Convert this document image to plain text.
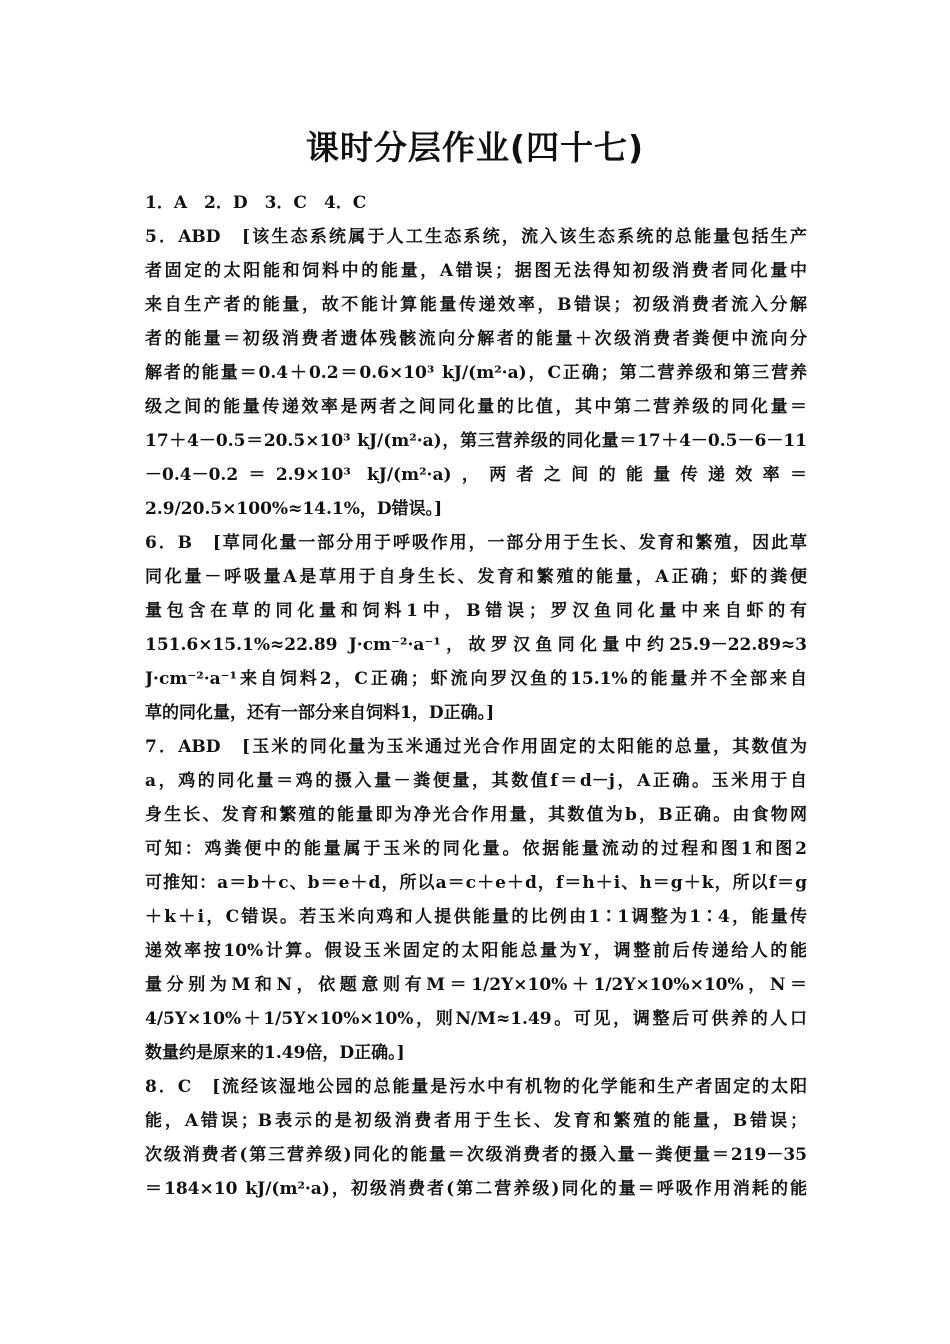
课时分层作业(四十七)
1．A　2．D　3．C　4．C
5．ABD　[该生态系统属于人工生态系统，流入该生态系统的总能量包括生产
者固定的太阳能和饲料中的能量，A错误；据图无法得知初级消费者同化量中
来自生产者的能量，故不能计算能量传递效率，B错误；初级消费者流入分解
者的能量＝初级消费者遗体残骸流向分解者的能量＋次级消费者粪便中流向分
解者的能量＝0.4＋0.2＝0.6×10³ kJ/(m²·a)，C正确；第二营养级和第三营养
级之间的能量传递效率是两者之间同化量的比值，其中第二营养级的同化量＝
17＋4－0.5＝20.5×10³ kJ/(m²·a)，第三营养级的同化量＝17＋4－0.5－6－11
－0.4－0.2＝2.9×10³ kJ/(m²·a)，两者之间的能量传递效率＝
2.9/20.5×100%≈14.1%，D错误。]
6．B　[草同化量一部分用于呼吸作用，一部分用于生长、发育和繁殖，因此草
同化量－呼吸量A是草用于自身生长、发育和繁殖的能量，A正确；虾的粪便
量包含在草的同化量和饲料1中，B错误；罗汉鱼同化量中来自虾的有
151.6×15.1%≈22.89 J·cm⁻²·a⁻¹，故罗汉鱼同化量中约25.9－22.89≈3
J·cm⁻²·a⁻¹来自饲料2，C正确；虾流向罗汉鱼的15.1%的能量并不全部来自
草的同化量，还有一部分来自饲料1，D正确。]
7．ABD　[玉米的同化量为玉米通过光合作用固定的太阳能的总量，其数值为
a，鸡的同化量＝鸡的摄入量－粪便量，其数值f＝d－j，A正确。玉米用于自
身生长、发育和繁殖的能量即为净光合作用量，其数值为b，B正确。由食物网
可知：鸡粪便中的能量属于玉米的同化量。依据能量流动的过程和图1和图2
可推知：a＝b＋c、b＝e＋d，所以a＝c＋e＋d，f＝h＋i、h＝g＋k，所以f＝g
＋k＋i，C错误。若玉米向鸡和人提供能量的比例由1∶1调整为1∶4，能量传
递效率按10%计算。假设玉米固定的太阳能总量为Y，调整前后传递给人的能
量分别为M和N，依题意则有M＝1/2Y×10%＋1/2Y×10%×10%，N＝
4/5Y×10%＋1/5Y×10%×10%，则N/M≈1.49。可见，调整后可供养的人口
数量约是原来的1.49倍，D正确。]
8．C　[流经该湿地公园的总能量是污水中有机物的化学能和生产者固定的太阳
能，A错误；B表示的是初级消费者用于生长、发育和繁殖的能量，B错误；
次级消费者(第三营养级)同化的能量＝次级消费者的摄入量－粪便量＝219－35
＝184×10 kJ/(m²·a)，初级消费者(第二营养级)同化的量＝呼吸作用消耗的能
